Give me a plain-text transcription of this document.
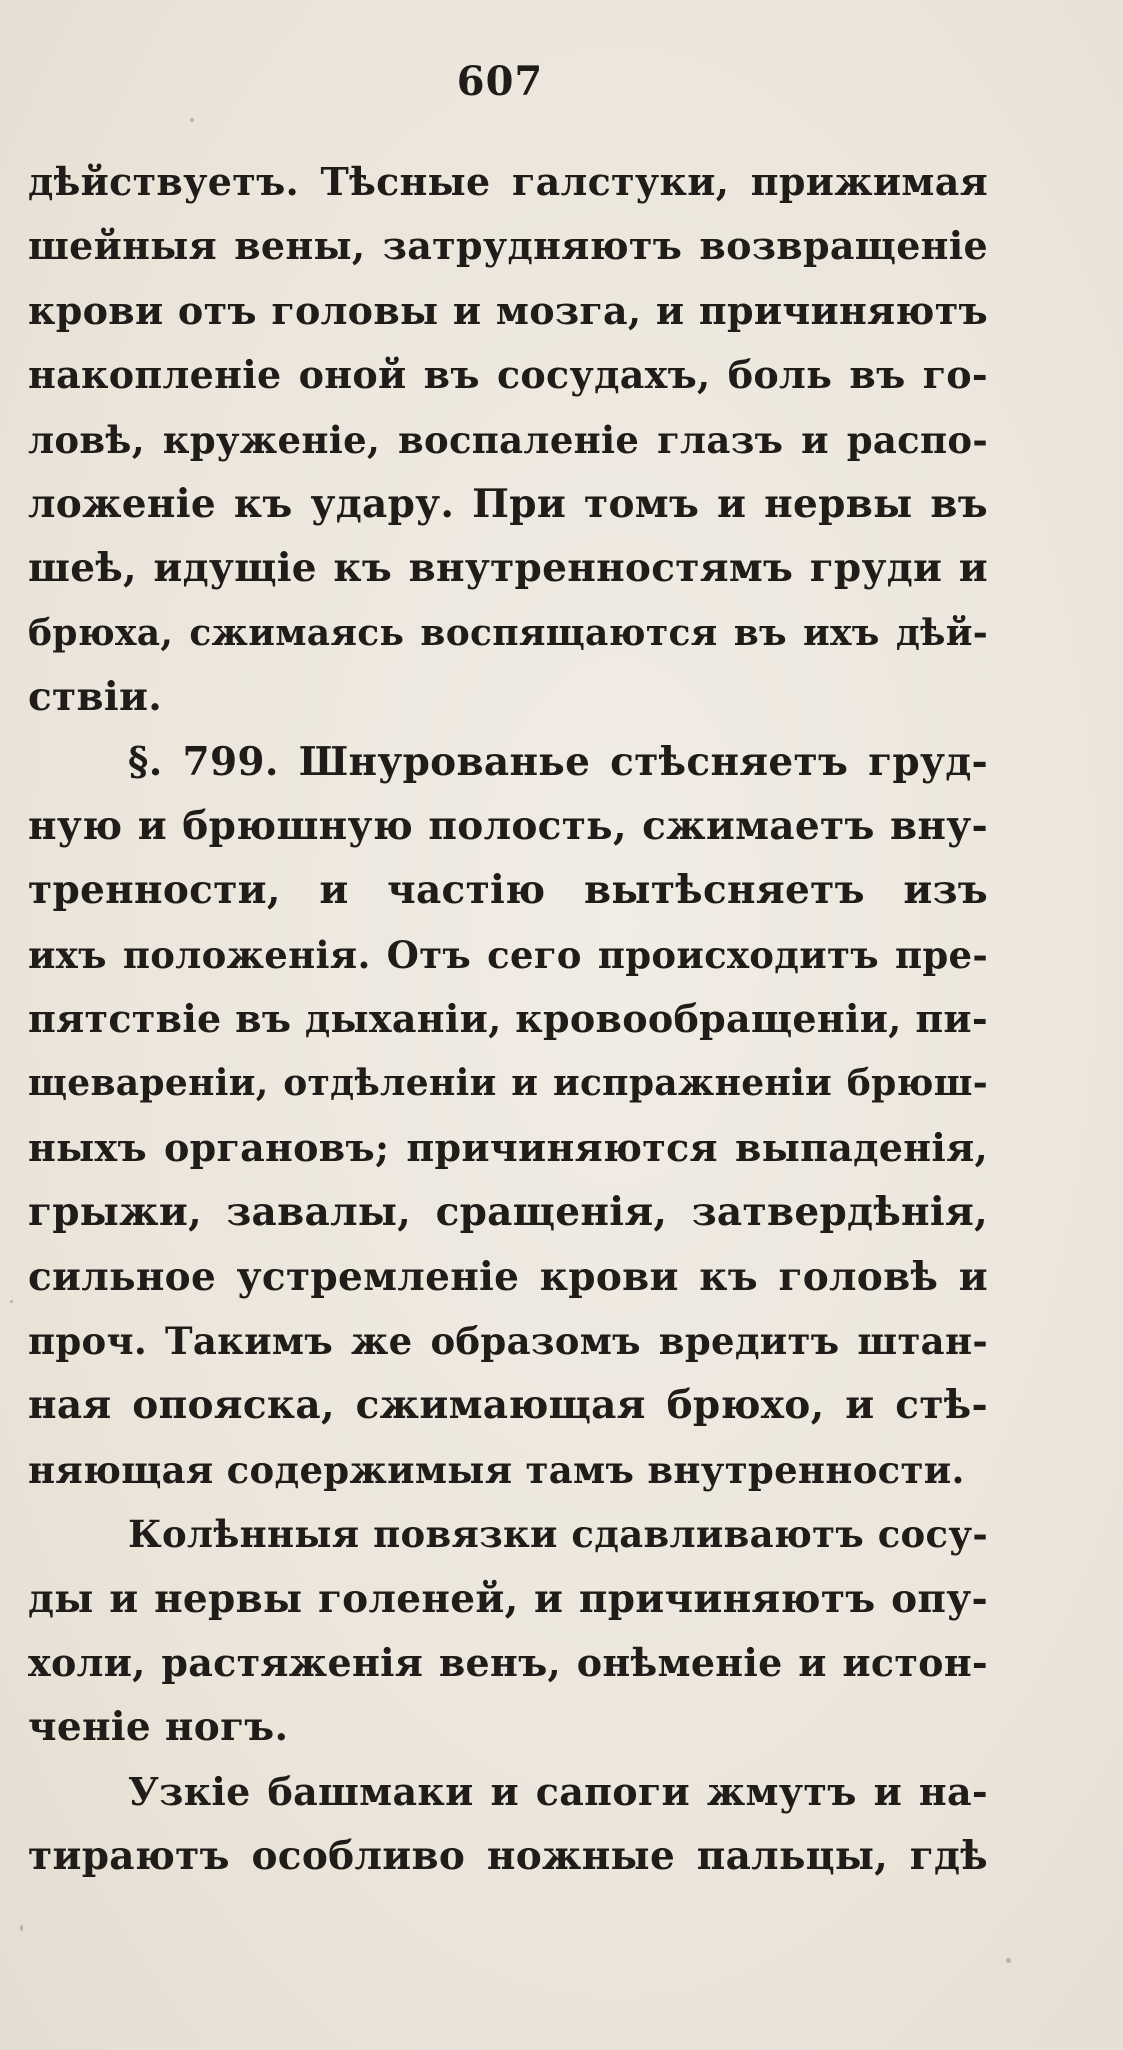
607
дѣйствуетъ. Тѣсные галстуки, прижимая
шейныя вены, затрудняютъ возвращеніе
крови отъ головы и мозга, и причиняютъ
накопленіе оной въ сосудахъ, боль въ го-
ловѣ, круженіе, воспаленіе глазъ и распо-
ложеніе къ удару. При томъ и нервы въ
шеѣ, идущіе къ внутренностямъ груди и
брюха, сжимаясь воспящаются въ ихъ дѣй-
ствіи.
§. 799. Шнурованье стѣсняетъ груд-
ную и брюшную полость, сжимаетъ вну-
тренности, и частію вытѣсняетъ изъ
ихъ положенія. Отъ сего происходитъ пре-
пятствіе въ дыханіи, кровообращеніи, пи-
щевареніи, отдѣленіи и испражненіи брюш-
ныхъ органовъ; причиняются выпаденія,
грыжи, завалы, сращенія, затвердѣнія,
сильное устремленіе крови къ головѣ и
проч. Такимъ же образомъ вредитъ штан-
ная опояска, сжимающая брюхо, и стѣ-
няющая содержимыя тамъ внутренности.
Колѣнныя повязки сдавливаютъ сосу-
ды и нервы голеней, и причиняютъ опу-
холи, растяженія венъ, онѣменіе и истон-
ченіе ногъ.
Узкіе башмаки и сапоги жмутъ и на-
тираютъ особливо ножные пальцы, гдѣ
